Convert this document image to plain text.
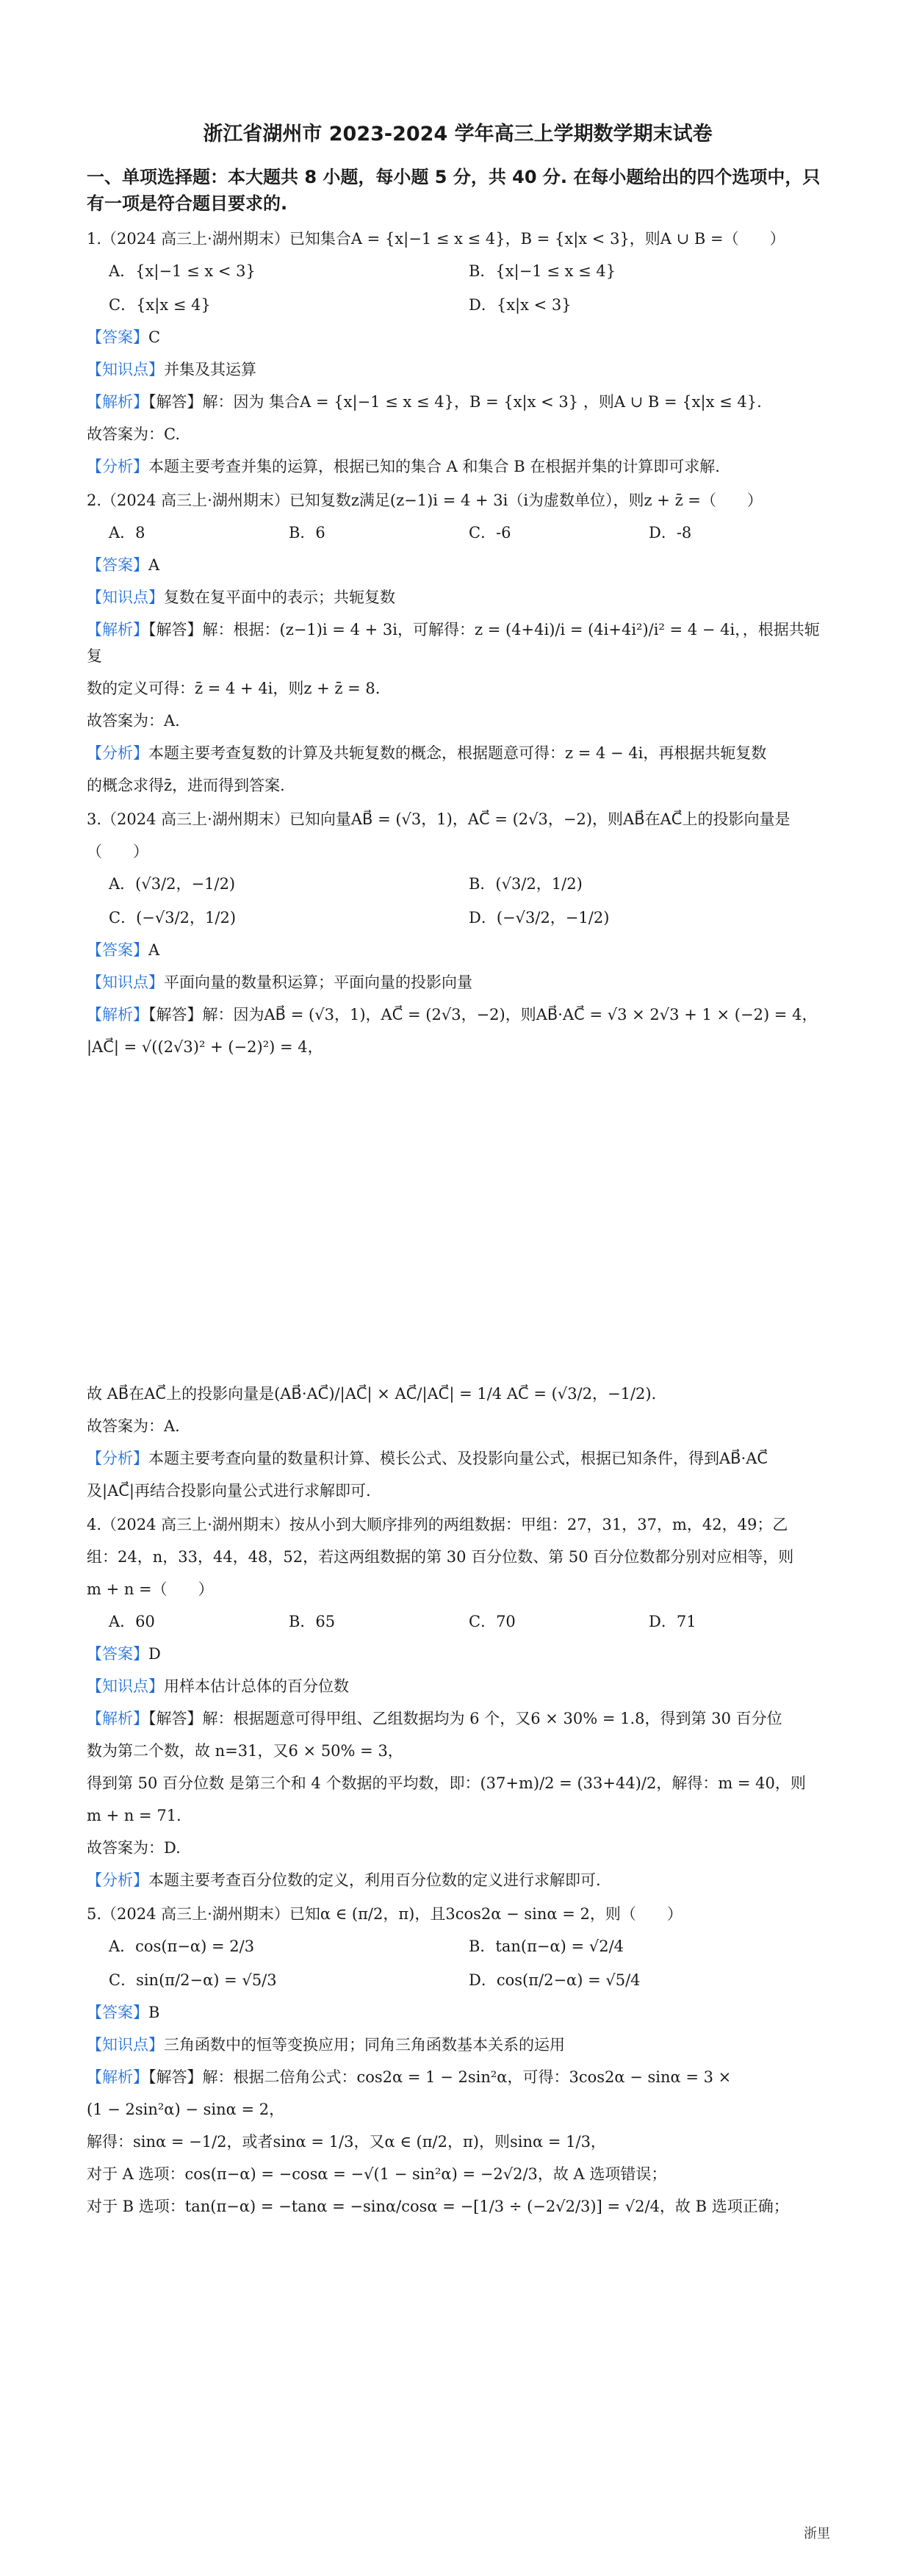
浙江省湖州市 2023-2024 学年高三上学期数学期末试卷
一、单项选择题：本大题共 8 小题，每小题 5 分，共 40 分. 在每小题给出的四个选项中，只有一项是符合题目要求的.
1.（2024 高三上·湖州期末）已知集合A = {x|−1 ≤ x ≤ 4}，B = {x|x < 3}，则A ∪ B =（　　）
A．{x|−1 ≤ x < 3}	B．{x|−1 ≤ x ≤ 4}
C．{x|x ≤ 4}	D．{x|x < 3}
【答案】C
【知识点】并集及其运算
【解析】【解答】解：因为 集合A = {x|−1 ≤ x ≤ 4}，B = {x|x < 3} ，则A ∪ B = {x|x ≤ 4}.
故答案为：C.
【分析】本题主要考查并集的运算，根据已知的集合 A 和集合 B 在根据并集的计算即可求解.
2.（2024 高三上·湖州期末）已知复数z满足(z−1)i = 4 + 3i（i为虚数单位），则z + z̄ =（　　）
A．8	B．6	C．-6	D．-8
【答案】A
【知识点】复数在复平面中的表示；共轭复数
【解析】【解答】解：根据：(z−1)i = 4 + 3i，可解得：z = (4+4i)/i = (4i+4i²)/i² = 4 − 4i，，根据共轭复
数的定义可得：z̄ = 4 + 4i，则z + z̄ = 8.
故答案为：A.
【分析】本题主要考查复数的计算及共轭复数的概念，根据题意可得：z = 4 − 4i，再根据共轭复数
的概念求得z̄，进而得到答案.
3.（2024 高三上·湖州期末）已知向量AB⃗ = (√3，1)，AC⃗ = (2√3，−2)，则AB⃗在AC⃗上的投影向量是
（　　）
A．(√3/2，−1/2)	B．(√3/2，1/2)
C．(−√3/2，1/2)	D．(−√3/2，−1/2)
【答案】A
【知识点】平面向量的数量积运算；平面向量的投影向量
【解析】【解答】解：因为AB⃗ = (√3，1)，AC⃗ = (2√3，−2)，则AB⃗·AC⃗ = √3 × 2√3 + 1 × (−2) = 4，
|AC⃗| = √((2√3)² + (−2)²) = 4，
故 AB⃗在AC⃗上的投影向量是(AB⃗·AC⃗)/|AC⃗| × AC⃗/|AC⃗| = 1/4 AC⃗ = (√3/2，−1/2).
故答案为：A.
【分析】本题主要考查向量的数量积计算、模长公式、及投影向量公式，根据已知条件，得到AB⃗·AC⃗
及|AC⃗|再结合投影向量公式进行求解即可.
4.（2024 高三上·湖州期末）按从小到大顺序排列的两组数据：甲组：27，31，37，m，42，49；乙
组：24，n，33，44，48，52，若这两组数据的第 30 百分位数、第 50 百分位数都分别对应相等，则
m + n =（　　）
A．60	B．65	C．70	D．71
【答案】D
【知识点】用样本估计总体的百分位数
【解析】【解答】解：根据题意可得甲组、乙组数据均为 6 个，又6 × 30% = 1.8，得到第 30 百分位
数为第二个数，故 n=31，又6 × 50% = 3，
得到第 50 百分位数 是第三个和 4 个数据的平均数，即：(37+m)/2 = (33+44)/2，解得：m = 40，则
m + n = 71.
故答案为：D.
【分析】本题主要考查百分位数的定义，利用百分位数的定义进行求解即可.
5.（2024 高三上·湖州期末）已知α ∈ (π/2，π)，且3cos2α − sinα = 2，则（　　）
A．cos(π−α) = 2/3	B．tan(π−α) = √2/4
C．sin(π/2−α) = √5/3	D．cos(π/2−α) = √5/4
【答案】B
【知识点】三角函数中的恒等变换应用；同角三角函数基本关系的运用
【解析】【解答】解：根据二倍角公式：cos2α = 1 − 2sin²α，可得：3cos2α − sinα = 3 ×
(1 − 2sin²α) − sinα = 2，
解得：sinα = −1/2，或者sinα = 1/3，又α ∈ (π/2，π)，则sinα = 1/3，
对于 A 选项：cos(π−α) = −cosα = −√(1 − sin²α) = −2√2/3，故 A 选项错误；
对于 B 选项：tan(π−α) = −tanα = −sinα/cosα = −[1/3 ÷ (−2√2/3)] = √2/4，故 B 选项正确；
浙里
